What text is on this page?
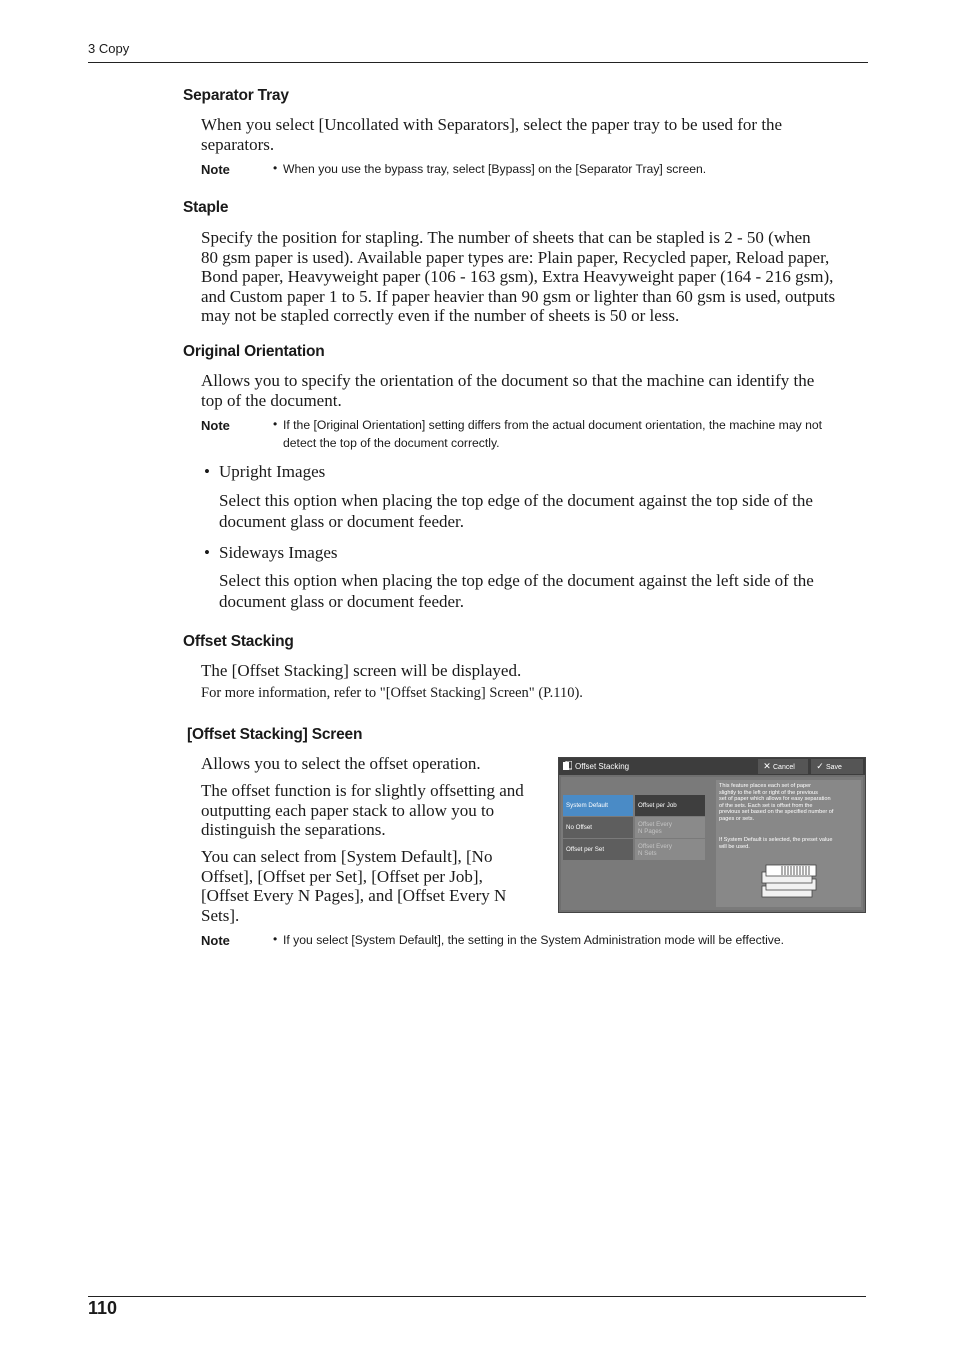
3 Copy
Separator Tray
When you select [Uncollated with Separators], select the paper tray to be used for the
separators.
Note	• When you use the bypass tray, select [Bypass] on the [Separator Tray] screen.
Staple
Specify the position for stapling. The number of sheets that can be stapled is 2 - 50 (when
80 gsm paper is used). Available paper types are: Plain paper, Recycled paper, Reload paper,
Bond paper, Heavyweight paper (106 - 163 gsm), Extra Heavyweight paper (164 - 216 gsm),
and Custom paper 1 to 5. If paper heavier than 90 gsm or lighter than 60 gsm is used, outputs
may not be stapled correctly even if the number of sheets is 50 or less.
Original Orientation
Allows you to specify the orientation of the document so that the machine can identify the
top of the document.
Note	• If the [Original Orientation] setting differs from the actual document orientation, the machine may not
detect the top of the document correctly.
• Upright Images
Select this option when placing the top edge of the document against the top side of the
document glass or document feeder.
• Sideways Images
Select this option when placing the top edge of the document against the left side of the
document glass or document feeder.
Offset Stacking
The [Offset Stacking] screen will be displayed.
For more information, refer to "[Offset Stacking] Screen" (P.110).
[Offset Stacking] Screen
Allows you to select the offset operation.
The offset function is for slightly offsetting and
outputting each paper stack to allow you to
distinguish the separations.
You can select from [System Default], [No
Offset], [Offset per Set], [Offset per Job],
[Offset Every N Pages], and [Offset Every N
Sets].
Note	• If you select [System Default], the setting in the System Administration mode will be effective.
Offset Stacking	✕ Cancel	✓ Save
System Default	Offset per Job
No Offset	Offset Every
N Pages
Offset per Set	Offset Every
N Sets
This feature places each set of paper
slightly to the left or right of the previous
set of paper which allows for easy separation
of the sets. Each set is offset from the
previous set based on the specified number of
pages or sets.
If System Default is selected, the preset value
will be used.
110
